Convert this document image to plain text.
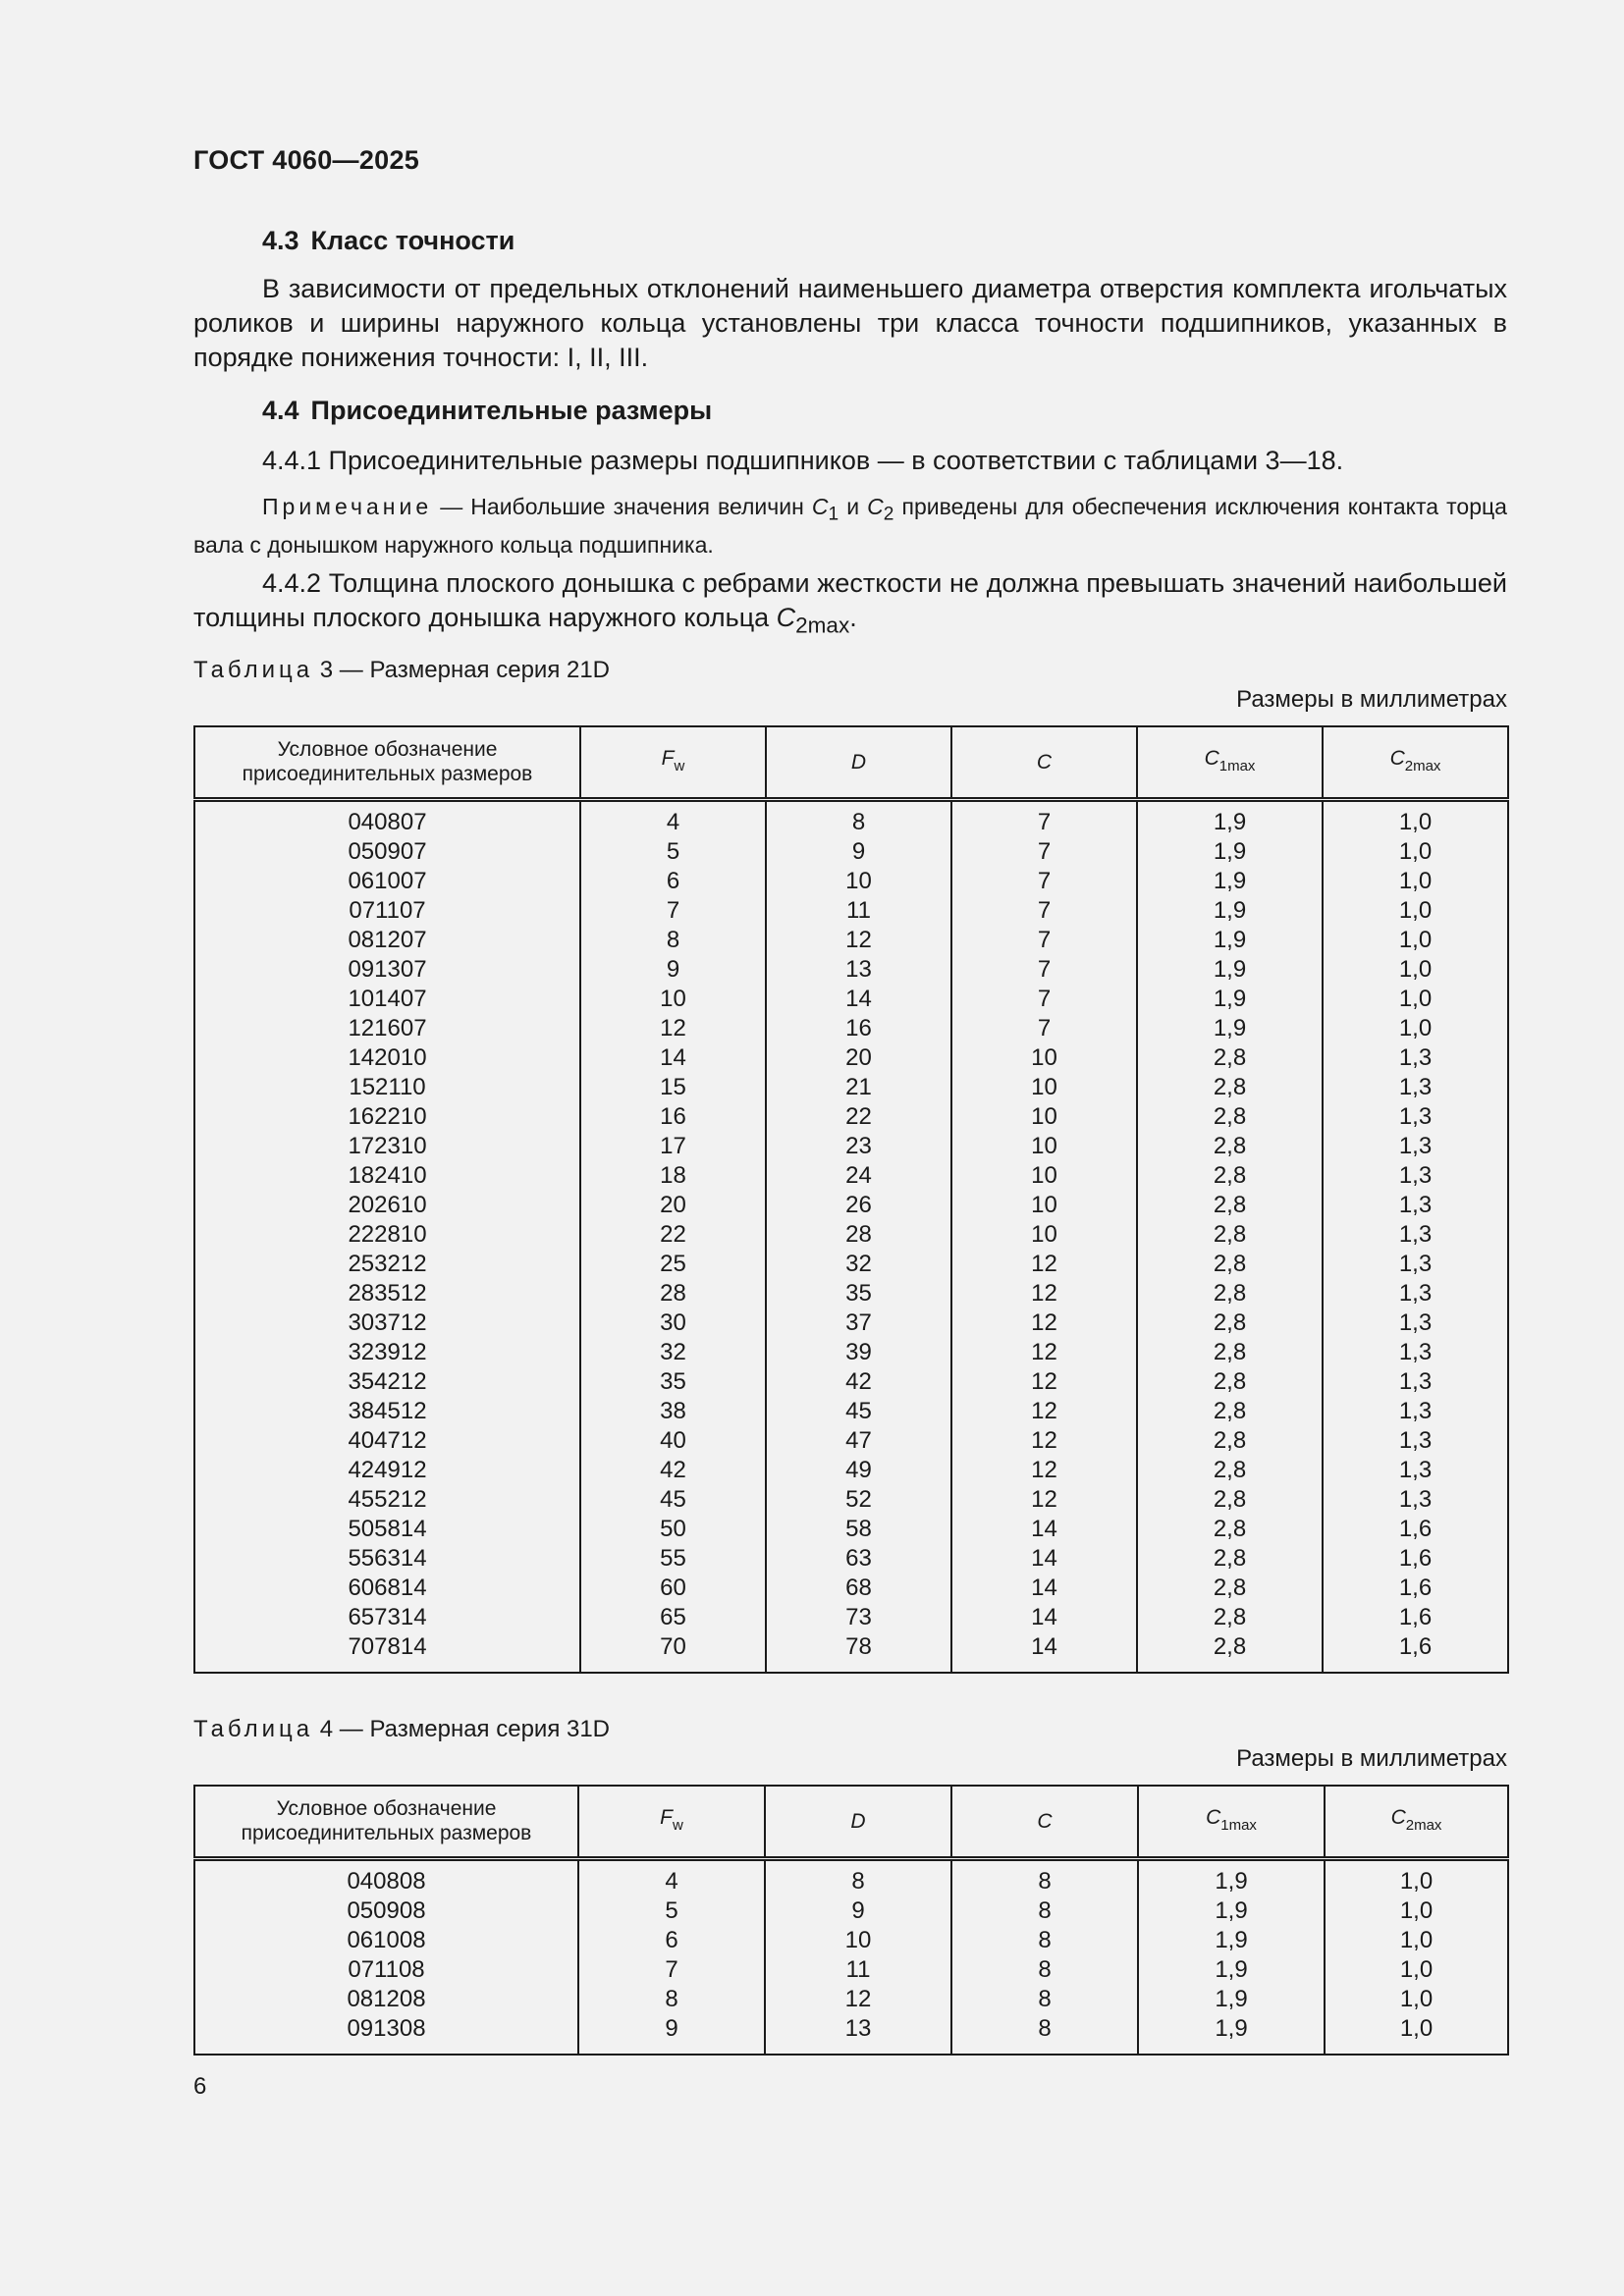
ГОСТ 4060—2025
4.3 Класс точности
В зависимости от предельных отклонений наименьшего диаметра отверстия комплекта игольчатых роликов и ширины наружного кольца установлены три класса точности подшипников, указанных в порядке понижения точности: I, II, III.
4.4 Присоединительные размеры
4.4.1 Присоединительные размеры подшипников — в соответствии с таблицами 3—18.
Примечание — Наибольшие значения величин $C_1$ и $C_2$ приведены для обеспечения исключения контакта торца вала с донышком наружного кольца подшипника.
4.4.2 Толщина плоского донышка с ребрами жесткости не должна превышать значений наибольшей толщины плоского донышка наружного кольца $C_{2max}$.
Таблица 3 — Размерная серия 21D
Размеры в миллиметрах
Условное обозначение присоединительных размеров	$F_w$	D	C	$C_{1max}$	$C_{2max}$
040807	4	8	7	1,9	1,0
050907	5	9	7	1,9	1,0
061007	6	10	7	1,9	1,0
071107	7	11	7	1,9	1,0
081207	8	12	7	1,9	1,0
091307	9	13	7	1,9	1,0
101407	10	14	7	1,9	1,0
121607	12	16	7	1,9	1,0
142010	14	20	10	2,8	1,3
152110	15	21	10	2,8	1,3
162210	16	22	10	2,8	1,3
172310	17	23	10	2,8	1,3
182410	18	24	10	2,8	1,3
202610	20	26	10	2,8	1,3
222810	22	28	10	2,8	1,3
253212	25	32	12	2,8	1,3
283512	28	35	12	2,8	1,3
303712	30	37	12	2,8	1,3
323912	32	39	12	2,8	1,3
354212	35	42	12	2,8	1,3
384512	38	45	12	2,8	1,3
404712	40	47	12	2,8	1,3
424912	42	49	12	2,8	1,3
455212	45	52	12	2,8	1,3
505814	50	58	14	2,8	1,6
556314	55	63	14	2,8	1,6
606814	60	68	14	2,8	1,6
657314	65	73	14	2,8	1,6
707814	70	78	14	2,8	1,6
Таблица 4 — Размерная серия 31D
Размеры в миллиметрах
Условное обозначение присоединительных размеров	$F_w$	D	C	$C_{1max}$	$C_{2max}$
040808	4	8	8	1,9	1,0
050908	5	9	8	1,9	1,0
061008	6	10	8	1,9	1,0
071108	7	11	8	1,9	1,0
081208	8	12	8	1,9	1,0
091308	9	13	8	1,9	1,0
6
